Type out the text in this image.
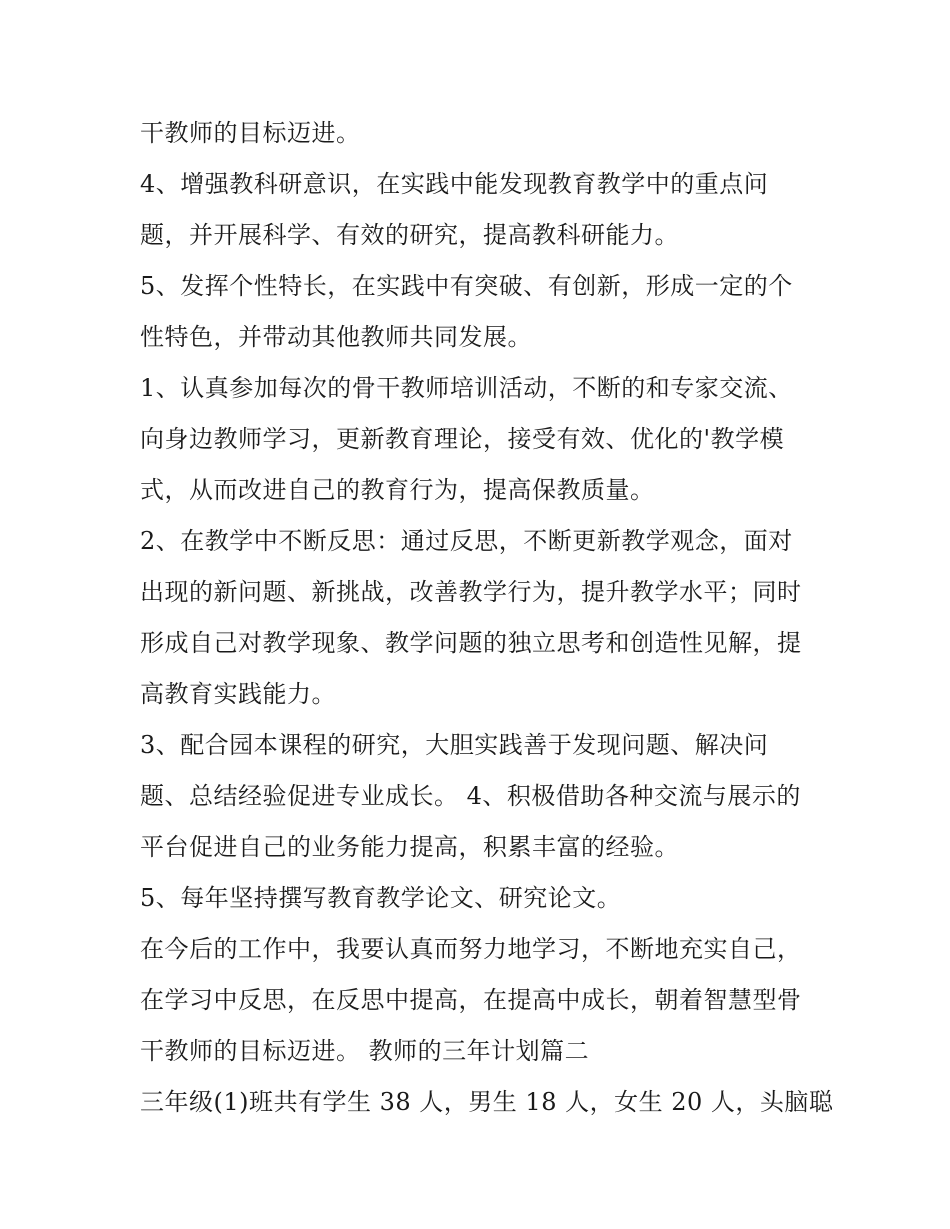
干教师的目标迈进。
4、增强教科研意识，在实践中能发现教育教学中的重点问
题，并开展科学、有效的研究，提高教科研能力。
5、发挥个性特长，在实践中有突破、有创新，形成一定的个
性特色，并带动其他教师共同发展。
1、认真参加每次的骨干教师培训活动，不断的和专家交流、
向身边教师学习，更新教育理论，接受有效、优化的'教学模
式，从而改进自己的教育行为，提高保教质量。
2、在教学中不断反思：通过反思，不断更新教学观念，面对
出现的新问题、新挑战，改善教学行为，提升教学水平；同时
形成自己对教学现象、教学问题的独立思考和创造性见解，提
高教育实践能力。
3、配合园本课程的研究，大胆实践善于发现问题、解决问
题、总结经验促进专业成长。 4、积极借助各种交流与展示的
平台促进自己的业务能力提高，积累丰富的经验。
5、每年坚持撰写教育教学论文、研究论文。
在今后的工作中，我要认真而努力地学习，不断地充实自己，
在学习中反思，在反思中提高，在提高中成长，朝着智慧型骨
干教师的目标迈进。 教师的三年计划篇二
三年级(1)班共有学生 38 人，男生 18 人，女生 20 人，头脑聪
